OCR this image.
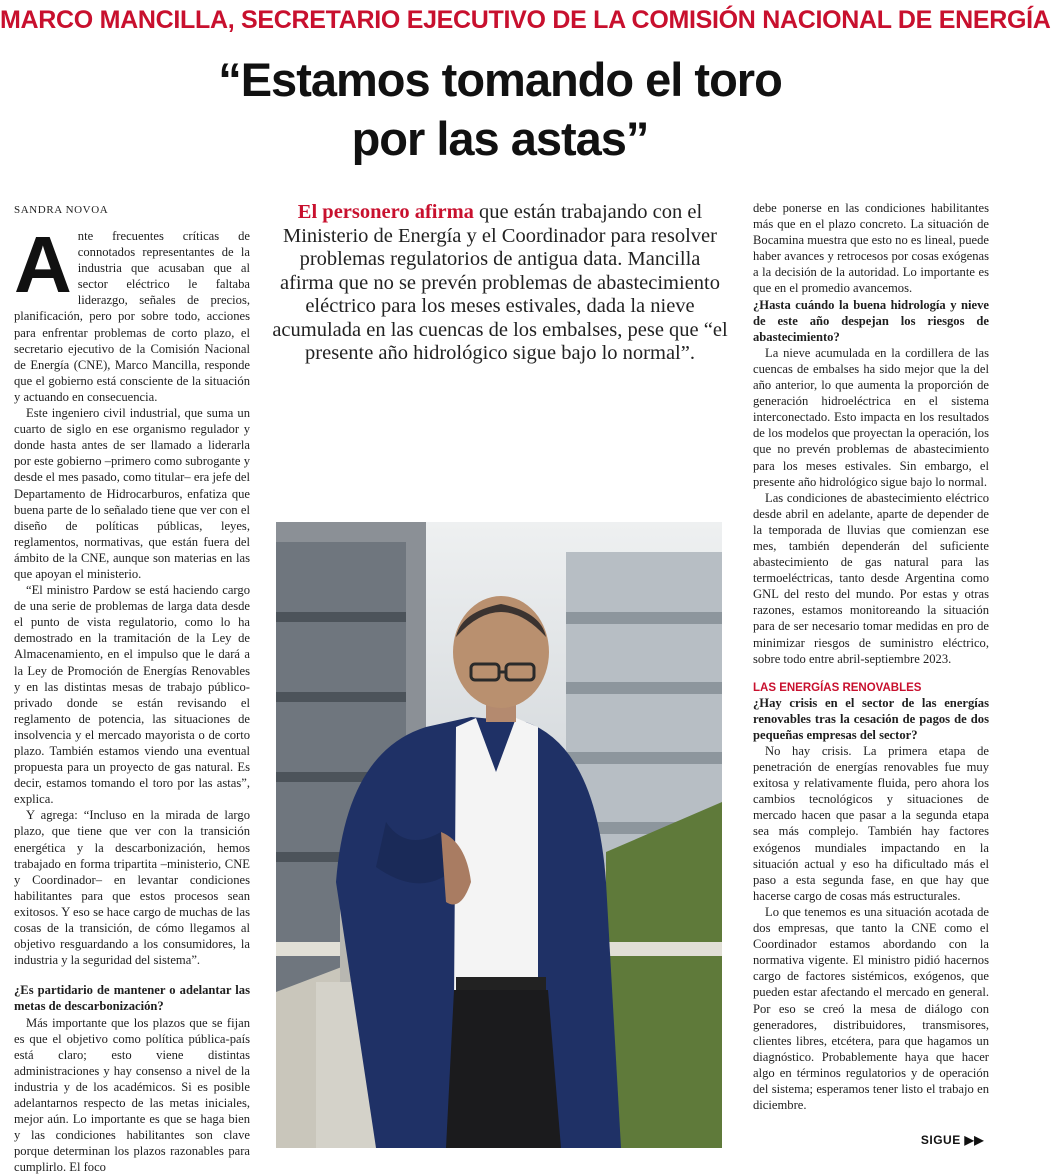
MARCO MANCILLA, SECRETARIO EJECUTIVO DE LA COMISIÓN NACIONAL DE ENERGÍA
“Estamos tomando el toro
por las astas”
SANDRA NOVOA
A nte frecuentes críticas de connotados representantes de la industria que acusaban que al sector eléctrico le faltaba liderazgo, señales de precios, planificación, pero por sobre todo, acciones para enfrentar problemas de corto plazo, el secretario ejecutivo de la Comisión Nacional de Energía (CNE), Marco Mancilla, responde que el gobierno está consciente de la situación y actuando en consecuencia.

Este ingeniero civil industrial, que suma un cuarto de siglo en ese organismo regulador y donde hasta antes de ser llamado a liderarla por este gobierno –primero como subrogante y desde el mes pasado, como titular– era jefe del Departamento de Hidrocarburos, enfatiza que buena parte de lo señalado tiene que ver con el diseño de políticas públicas, leyes, reglamentos, normativas, que están fuera del ámbito de la CNE, aunque son materias en las que apoyan el ministerio.

“El ministro Pardow se está haciendo cargo de una serie de problemas de larga data desde el punto de vista regulatorio, como lo ha demostrado en la tramitación de la Ley de Almacenamiento, en el impulso que le dará a la Ley de Promoción de Energías Renovables y en las distintas mesas de trabajo público-privado donde se están revisando el reglamento de potencia, las situaciones de insolvencia y el mercado mayorista o de corto plazo. También estamos viendo una eventual propuesta para un proyecto de gas natural. Es decir, estamos tomando el toro por las astas”, explica.

Y agrega: “Incluso en la mirada de largo plazo, que tiene que ver con la transición energética y la descarbonización, hemos trabajado en forma tripartita –ministerio, CNE y Coordinador– en levantar condiciones habilitantes para que estos procesos sean exitosos. Y eso se hace cargo de muchas de las cosas de la transición, de cómo llegamos al objetivo resguardando a los consumidores, la industria y la seguridad del sistema”.

¿Es partidario de mantener o adelantar las metas de descarbonización?

Más importante que los plazos que se fijan es que el objetivo como política pública-país está claro; esto viene distintas administraciones y hay consenso a nivel de la industria y de los académicos. Si es posible adelantarnos respecto de las metas iniciales, mejor aún. Lo importante es que se haga bien y las condiciones habilitantes son clave porque determinan los plazos razonables para cumplirlo. El foco

El personero afirma que están trabajando con el Ministerio de Energía y el Coordinador para resolver problemas regulatorios de antigua data. Mancilla afirma que no se prevén problemas de abastecimiento eléctrico para los meses estivales, dada la nieve acumulada en las cuencas de los embalses, pese que “el presente año hidrológico sigue bajo lo normal”.

debe ponerse en las condiciones habilitantes más que en el plazo concreto. La situación de Bocamina muestra que esto no es lineal, puede haber avances y retrocesos por cosas exógenas a la decisión de la autoridad. Lo importante es que en el promedio avancemos.

¿Hasta cuándo la buena hidrología y nieve de este año despejan los riesgos de abastecimiento?

La nieve acumulada en la cordillera de las cuencas de embalses ha sido mejor que la del año anterior, lo que aumenta la proporción de generación hidroeléctrica en el sistema interconectado. Esto impacta en los resultados de los modelos que proyectan la operación, los que no prevén problemas de abastecimiento para los meses estivales. Sin embargo, el presente año hidrológico sigue bajo lo normal.

Las condiciones de abastecimiento eléctrico desde abril en adelante, aparte de depender de la temporada de lluvias que comienzan ese mes, también dependerán del suficiente abastecimiento de gas natural para las termoeléctricas, tanto desde Argentina como GNL del resto del mundo. Por estas y otras razones, estamos monitoreando la situación para de ser necesario tomar medidas en pro de minimizar riesgos de suministro eléctrico, sobre todo entre abril-septiembre 2023.

LAS ENERGÍAS RENOVABLES

¿Hay crisis en el sector de las energías renovables tras la cesación de pagos de dos pequeñas empresas del sector?

No hay crisis. La primera etapa de penetración de energías renovables fue muy exitosa y relativamente fluida, pero ahora los cambios tecnológicos y situaciones de mercado hacen que pasar a la segunda etapa sea más complejo. También hay factores exógenos mundiales impactando en la situación actual y eso ha dificultado más el paso a esta segunda fase, en que hay que hacerse cargo de cosas más estructurales.

Lo que tenemos es una situación acotada de dos empresas, que tanto la CNE como el Coordinador estamos abordando con la normativa vigente. El ministro pidió hacernos cargo de factores sistémicos, exógenos, que pueden estar afectando el mercado en general. Por eso se creó la mesa de diálogo con generadores, distribuidores, transmisores, clientes libres, etcétera, para que hagamos un diagnóstico. Probablemente haya que hacer algo en términos regulatorios y de operación del sistema; esperamos tener listo el trabajo en diciembre.

SIGUE ▶▶
